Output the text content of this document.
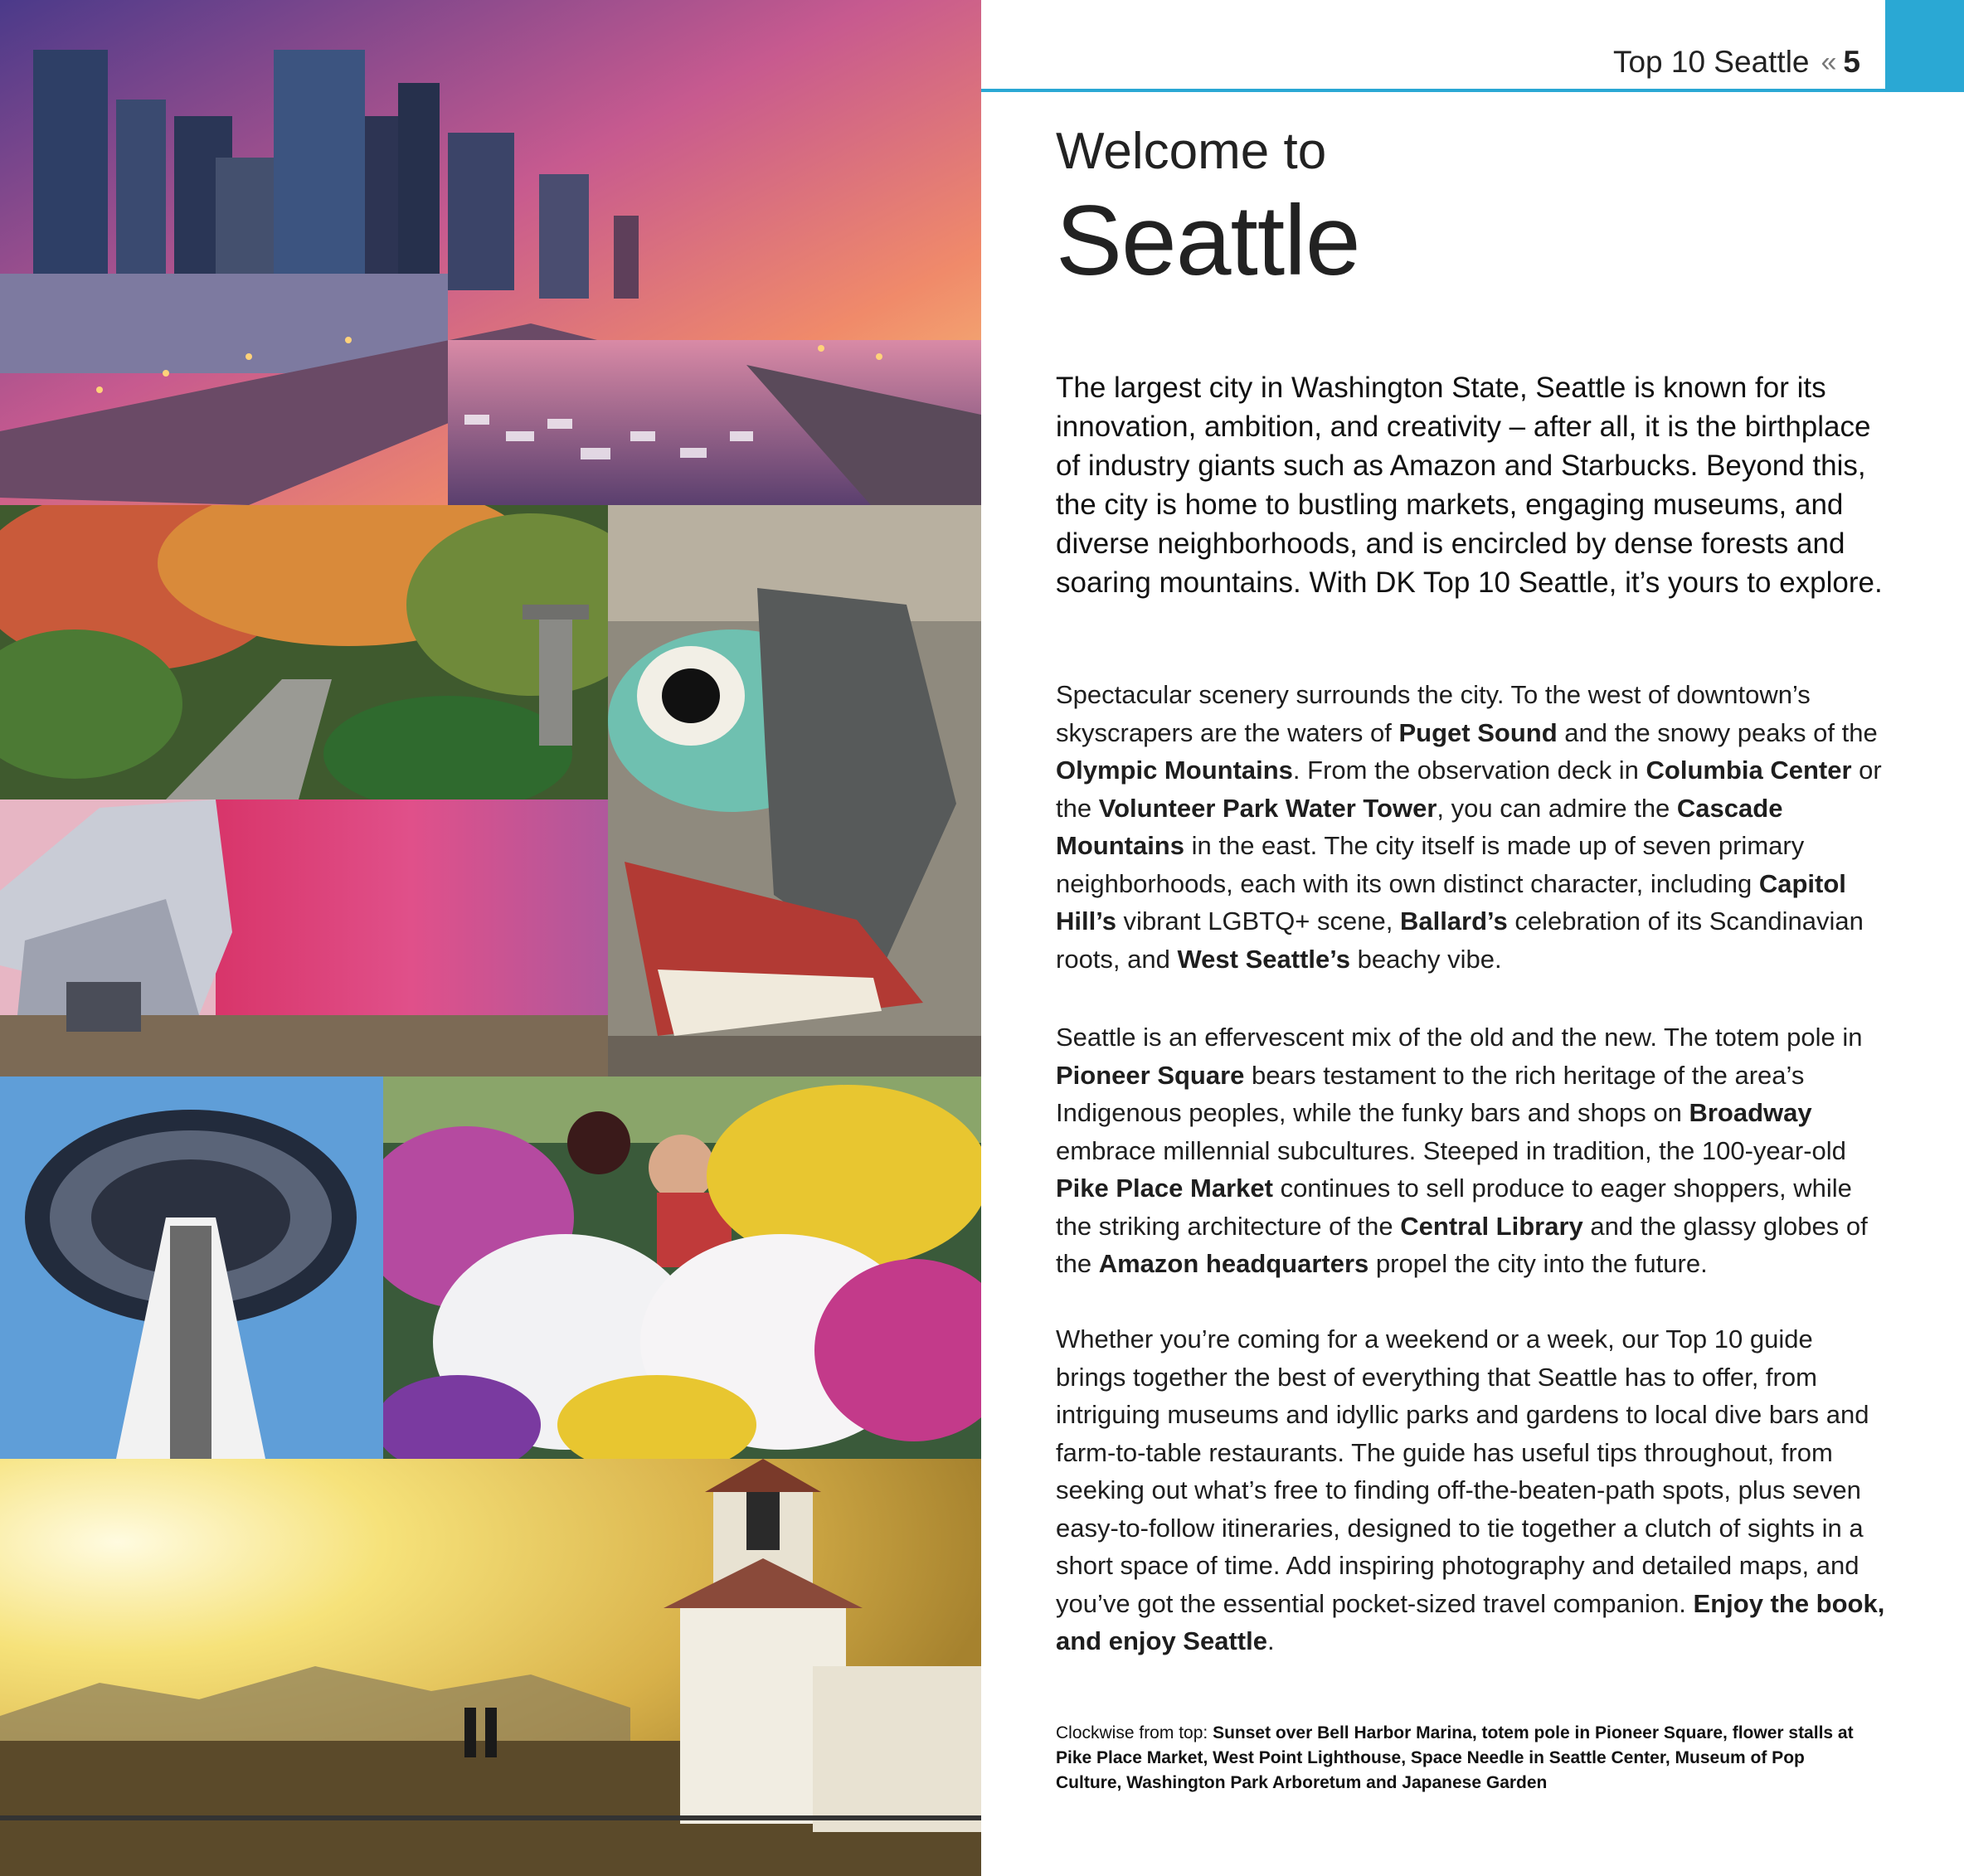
Top 10 Seattle « 5
Welcome to
Seattle

The largest city in Washington State, Seattle is known for its innovation, ambition, and creativity – after all, it is the birthplace of industry giants such as Amazon and Starbucks. Beyond this, the city is home to bustling markets, engaging museums, and diverse neighborhoods, and is encircled by dense forests and soaring mountains. With DK Top 10 Seattle, it’s yours to explore.

Spectacular scenery surrounds the city. To the west of downtown’s skyscrapers are the waters of Puget Sound and the snowy peaks of the Olympic Mountains. From the observation deck in Columbia Center or the Volunteer Park Water Tower, you can admire the Cascade Mountains in the east. The city itself is made up of seven primary neighborhoods, each with its own distinct character, including Capitol Hill’s vibrant LGBTQ+ scene, Ballard’s celebration of its Scandinavian roots, and West Seattle’s beachy vibe.

Seattle is an effervescent mix of the old and the new. The totem pole in Pioneer Square bears testament to the rich heritage of the area’s Indigenous peoples, while the funky bars and shops on Broadway embrace millennial subcultures. Steeped in tradition, the 100-year-old Pike Place Market continues to sell produce to eager shoppers, while the striking architecture of the Central Library and the glassy globes of the Amazon headquarters propel the city into the future.

Whether you’re coming for a weekend or a week, our Top 10 guide brings together the best of everything that Seattle has to offer, from intriguing museums and idyllic parks and gardens to local dive bars and farm-to-table restaurants. The guide has useful tips throughout, from seeking out what’s free to finding off-the-beaten-path spots, plus seven easy-to-follow itineraries, designed to tie together a clutch of sights in a short space of time. Add inspiring photography and detailed maps, and you’ve got the essential pocket-sized travel companion. Enjoy the book, and enjoy Seattle.

Clockwise from top: Sunset over Bell Harbor Marina, totem pole in Pioneer Square, flower stalls at Pike Place Market, West Point Lighthouse, Space Needle in Seattle Center, Museum of Pop Culture, Washington Park Arboretum and Japanese Garden
